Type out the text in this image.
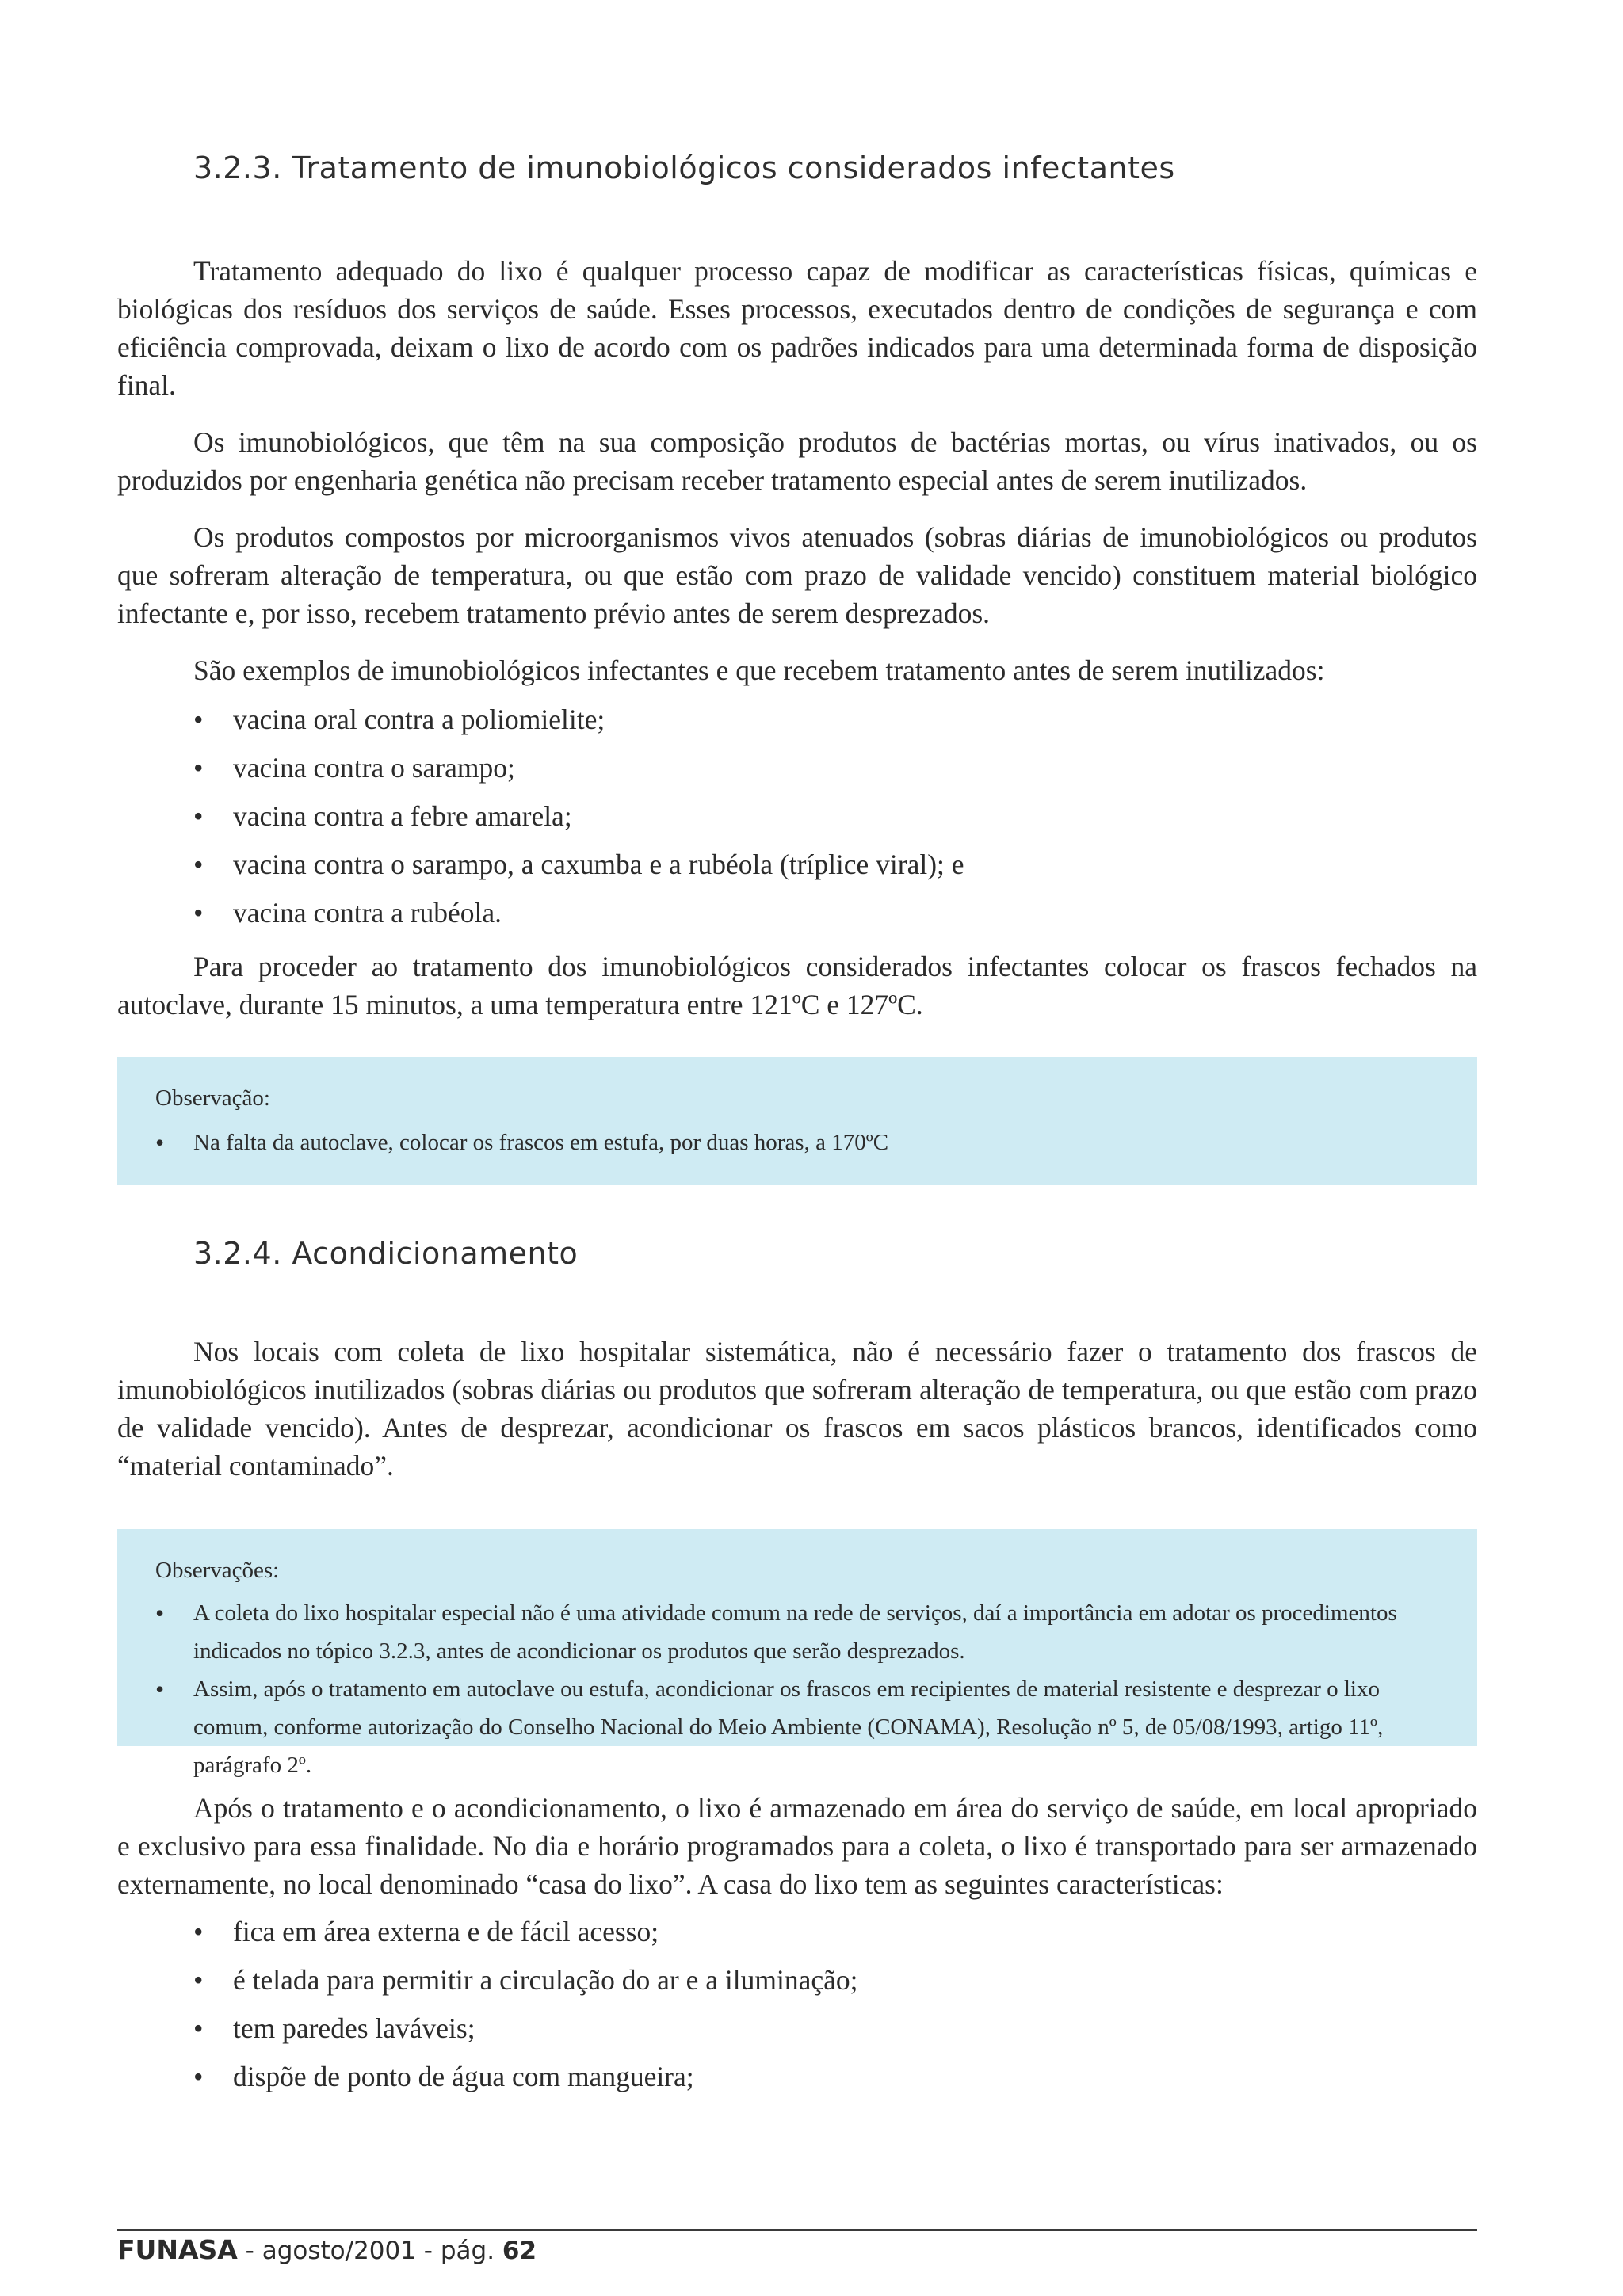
3.2.3. Tratamento de imunobiológicos considerados infectantes

Tratamento adequado do lixo é qualquer processo capaz de modificar as características físicas, químicas e biológicas dos resíduos dos serviços de saúde. Esses processos, executados dentro de condições de segurança e com eficiência comprovada, deixam o lixo de acordo com os padrões indicados para uma determinada forma de disposição final.

Os imunobiológicos, que têm na sua composição produtos de bactérias mortas, ou vírus inativados, ou os produzidos por engenharia genética não precisam receber tratamento especial antes de serem inutilizados.

Os produtos compostos por microorganismos vivos atenuados (sobras diárias de imunobiológicos ou produtos que sofreram alteração de temperatura, ou que estão com prazo de validade vencido) constituem material biológico infectante e, por isso, recebem tratamento prévio antes de serem desprezados.

São exemplos de imunobiológicos infectantes e que recebem tratamento antes de serem inutilizados:

• vacina oral contra a poliomielite;
• vacina contra o sarampo;
• vacina contra a febre amarela;
• vacina contra o sarampo, a caxumba e a rubéola (tríplice viral); e
• vacina contra a rubéola.

Para proceder ao tratamento dos imunobiológicos considerados infectantes colocar os frascos fechados na autoclave, durante 15 minutos, a uma temperatura entre 121ºC e 127ºC.

Observação:
• Na falta da autoclave, colocar os frascos em estufa, por duas horas, a 170ºC
3.2.4. Acondicionamento

Nos locais com coleta de lixo hospitalar sistemática, não é necessário fazer o tratamento dos frascos de imunobiológicos inutilizados (sobras diárias ou produtos que sofreram alteração de temperatura, ou que estão com prazo de validade vencido). Antes de desprezar, acondicionar os frascos em sacos plásticos brancos, identificados como “material contaminado”.

Observações:
• A coleta do lixo hospitalar especial não é uma atividade comum na rede de serviços, daí a importância em adotar os procedimentos indicados no tópico 3.2.3, antes de acondicionar os produtos que serão desprezados.
• Assim, após o tratamento em autoclave ou estufa, acondicionar os frascos em recipientes de material resistente e desprezar o lixo comum, conforme autorização do Conselho Nacional do Meio Ambiente (CONAMA), Resolução nº 5, de 05/08/1993, artigo 11º, parágrafo 2º.

Após o tratamento e o acondicionamento, o lixo é armazenado em área do serviço de saúde, em local apropriado e exclusivo para essa finalidade. No dia e horário programados para a coleta, o lixo é transportado para ser armazenado externamente, no local denominado “casa do lixo”. A casa do lixo tem as seguintes características:

• fica em área externa e de fácil acesso;
• é telada para permitir a circulação do ar e a iluminação;
• tem paredes laváveis;
• dispõe de ponto de água com mangueira;
FUNASA - agosto/2001 - pág. 62
